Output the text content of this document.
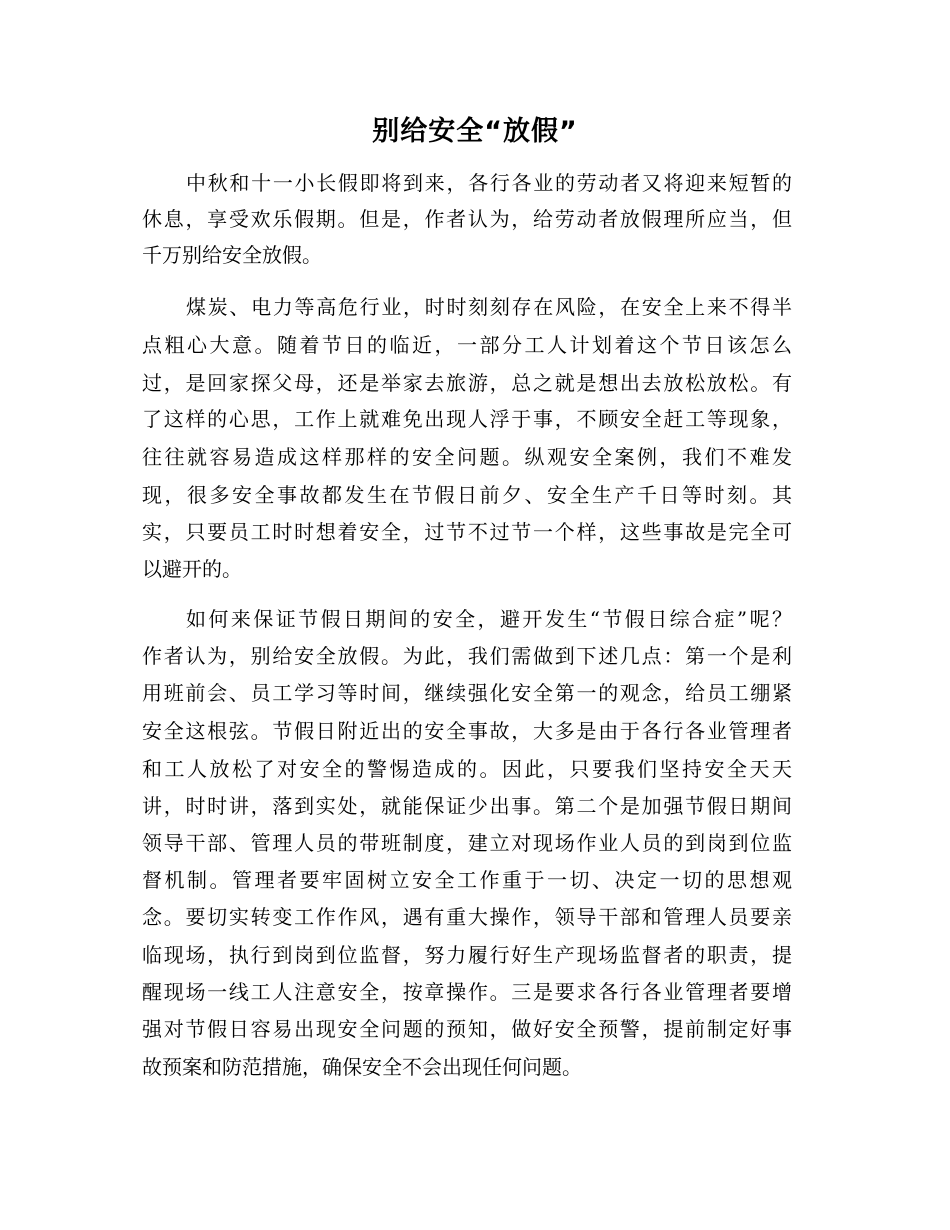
别给安全“放假”
中秋和十一小长假即将到来，各行各业的劳动者又将迎来短暂的
休息，享受欢乐假期。但是，作者认为，给劳动者放假理所应当，但
千万别给安全放假。
煤炭、电力等高危行业，时时刻刻存在风险，在安全上来不得半
点粗心大意。随着节日的临近，一部分工人计划着这个节日该怎么
过，是回家探父母，还是举家去旅游，总之就是想出去放松放松。有
了这样的心思，工作上就难免出现人浮于事，不顾安全赶工等现象，
往往就容易造成这样那样的安全问题。纵观安全案例，我们不难发
现，很多安全事故都发生在节假日前夕、安全生产千日等时刻。其
实，只要员工时时想着安全，过节不过节一个样，这些事故是完全可
以避开的。
如何来保证节假日期间的安全，避开发生“节假日综合症”呢？
作者认为，别给安全放假。为此，我们需做到下述几点：第一个是利
用班前会、员工学习等时间，继续强化安全第一的观念，给员工绷紧
安全这根弦。节假日附近出的安全事故，大多是由于各行各业管理者
和工人放松了对安全的警惕造成的。因此，只要我们坚持安全天天
讲，时时讲，落到实处，就能保证少出事。第二个是加强节假日期间
领导干部、管理人员的带班制度，建立对现场作业人员的到岗到位监
督机制。管理者要牢固树立安全工作重于一切、决定一切的思想观
念。要切实转变工作作风，遇有重大操作，领导干部和管理人员要亲
临现场，执行到岗到位监督，努力履行好生产现场监督者的职责，提
醒现场一线工人注意安全，按章操作。三是要求各行各业管理者要增
强对节假日容易出现安全问题的预知，做好安全预警，提前制定好事
故预案和防范措施，确保安全不会出现任何问题。
